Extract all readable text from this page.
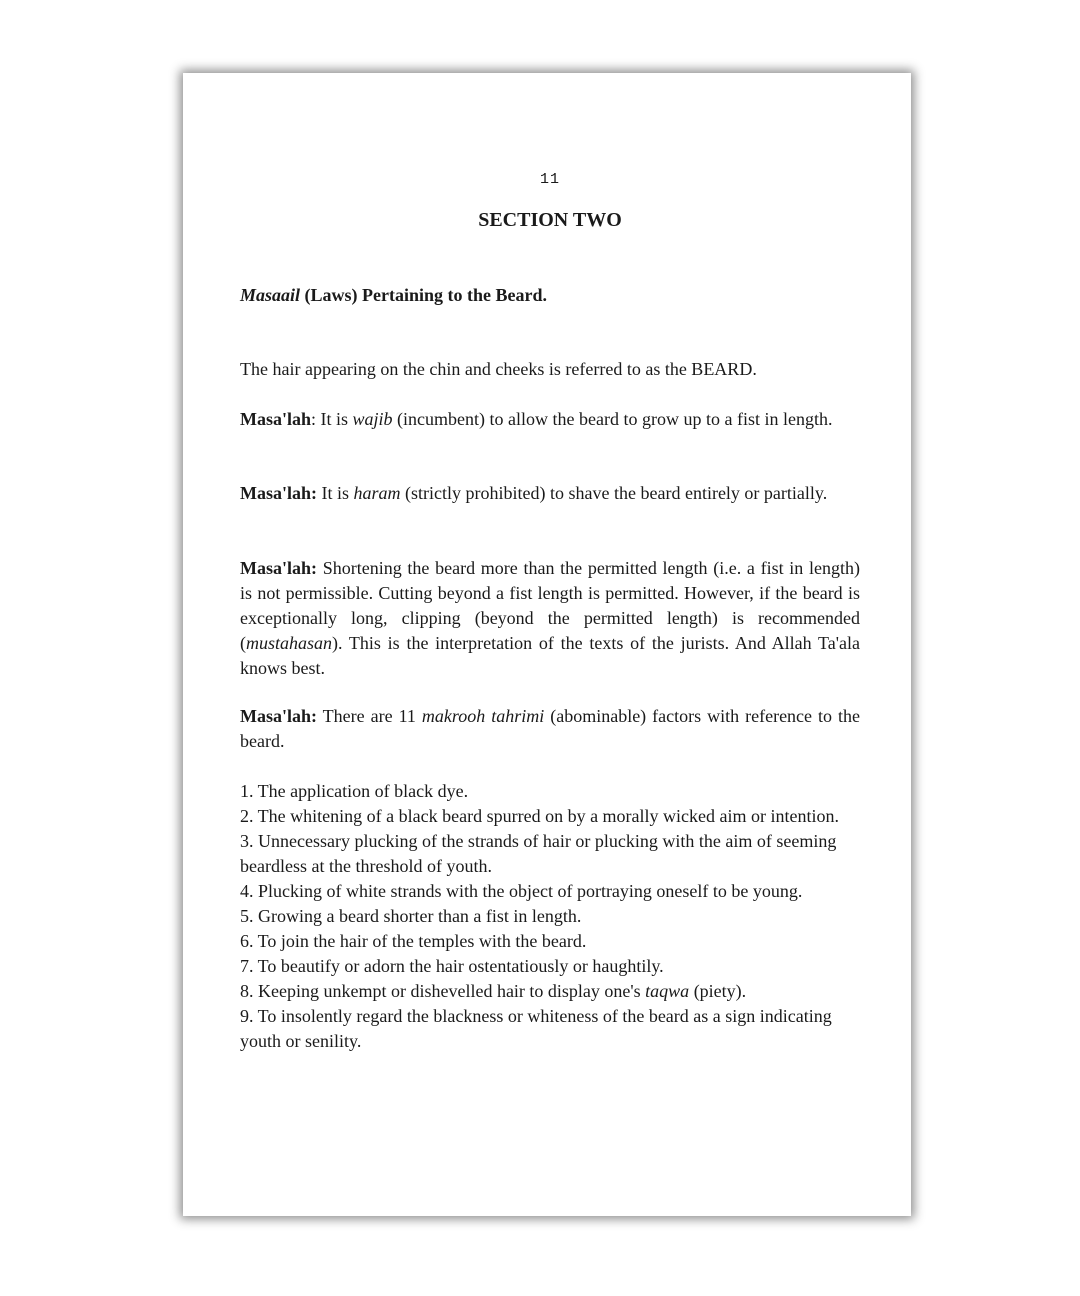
11
SECTION TWO
Masaail (Laws) Pertaining to the Beard.
The hair appearing on the chin and cheeks is referred to as the BEARD.
Masa'lah: It is wajib (incumbent) to allow the beard to grow up to a fist in length.
Masa'lah: It is haram (strictly prohibited) to shave the beard entirely or partially.
Masa'lah: Shortening the beard more than the permitted length (i.e. a fist in length) is not permissible. Cutting beyond a fist length is permitted. However, if the beard is exceptionally long, clipping (beyond the permitted length) is recommended (mustahasan). This is the interpretation of the texts of the jurists. And Allah Ta'ala knows best.
Masa'lah: There are 11 makrooh tahrimi (abominable) factors with reference to the beard.
1. The application of black dye.
2. The whitening of a black beard spurred on by a morally wicked aim or intention.
3. Unnecessary plucking of the strands of hair or plucking with the aim of seeming beardless at the threshold of youth.
4. Plucking of white strands with the object of portraying oneself to be young.
5. Growing a beard shorter than a fist in length.
6. To join the hair of the temples with the beard.
7. To beautify or adorn the hair ostentatiously or haughtily.
8. Keeping unkempt or dishevelled hair to display one's taqwa (piety).
9. To insolently regard the blackness or whiteness of the beard as a sign indicating youth or senility.
